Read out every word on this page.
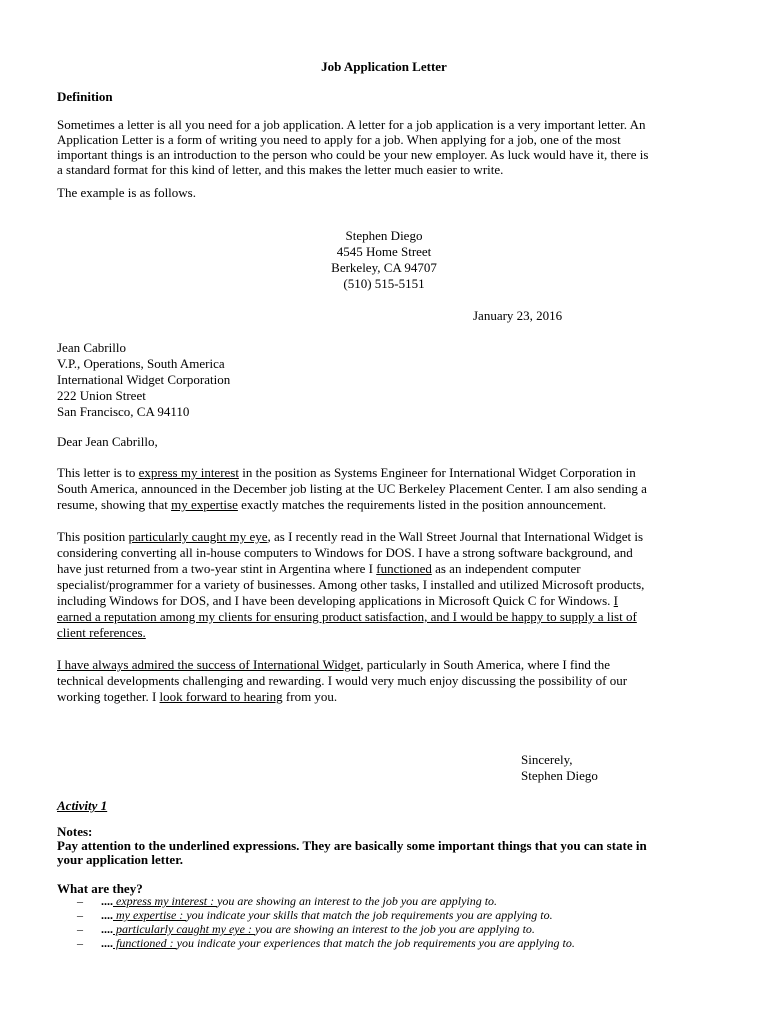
Job Application Letter
Definition
Sometimes a letter is all you need for a job application. A letter for a job application is a very important letter. An
Application Letter is a form of writing you need to apply for a job. When applying for a job, one of the most
important things is an introduction to the person who could be your new employer. As luck would have it, there is
a standard format for this kind of letter, and this makes the letter much easier to write.
The example is as follows.
Stephen Diego
4545 Home Street
Berkeley, CA 94707
(510) 515-5151
January 23, 2016
Jean Cabrillo
V.P., Operations, South America
International Widget Corporation
222 Union Street
San Francisco, CA 94110
Dear Jean Cabrillo,
This letter is to express my interest in the position as Systems Engineer for International Widget Corporation in
South America, announced in the December job listing at the UC Berkeley Placement Center. I am also sending a
resume, showing that my expertise exactly matches the requirements listed in the position announcement.
This position particularly caught my eye, as I recently read in the Wall Street Journal that International Widget is
considering converting all in-house computers to Windows for DOS. I have a strong software background, and
have just returned from a two-year stint in Argentina where I functioned as an independent computer
specialist/programmer for a variety of businesses. Among other tasks, I installed and utilized Microsoft products,
including Windows for DOS, and I have been developing applications in Microsoft Quick C for Windows. I
earned a reputation among my clients for ensuring product satisfaction, and I would be happy to supply a list of
client references.
I have always admired the success of International Widget, particularly in South America, where I find the
technical developments challenging and rewarding. I would very much enjoy discussing the possibility of our
working together. I look forward to hearing from you.
Sincerely,
Stephen Diego
Activity 1
Notes:
Pay attention to the underlined expressions. They are basically some important things that you can state in
your application letter.
What are they?
–	.... express my interest : you are showing an interest to the job you are applying to.
–	.... my expertise : you indicate your skills that match the job requirements you are applying to.
–	.... particularly caught my eye : you are showing an interest to the job you are applying to.
–	.... functioned : you indicate your experiences that match the job requirements you are applying to.
